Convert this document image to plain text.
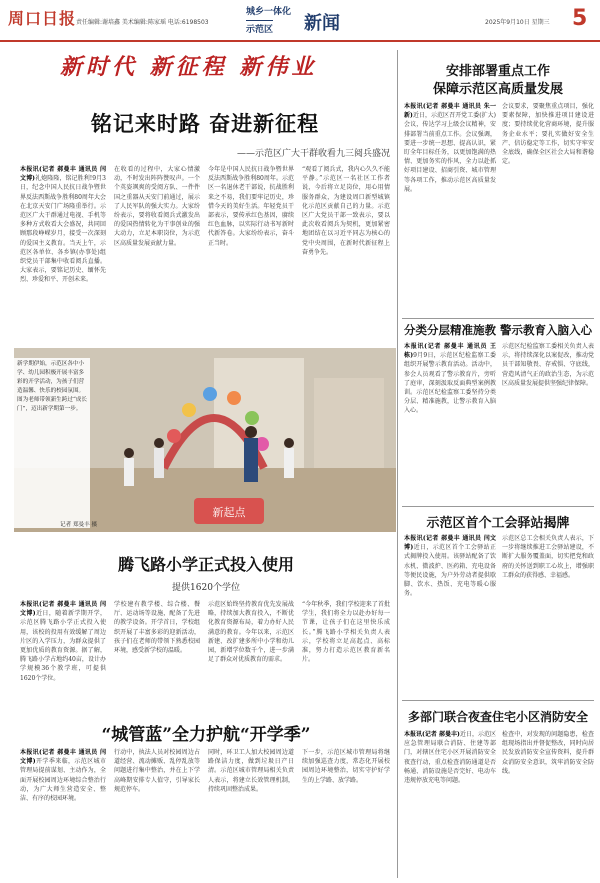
周口日报 责任编辑:谢培鑫 美术编辑:陈家瑶 电话:6198503
城乡一体化
示范区 新闻	2025年9月10日 星期三 5
新时代 新征程 新伟业
铭记来时路 奋进新征程
——示范区广大干群收看九三阅兵盛况
本报讯(记者 郝曼丰 通讯员 闫文博)礼炮隆隆，铭记胜利!9月3日，纪念中国人民抗日战争暨世界反法西斯战争胜利80周年大会在北京天安门广场隆重举行。示范区广大干群通过电视、手机等多种方式收看大会盛况，共同回顾那段峥嵘岁月，接受一次深刻的爱国主义教育。当天上午，示范区各单位、各乡镇(办事处)组织党员干部集中收看阅兵直播。大家表示，要铭记历史、缅怀先烈、珍爱和平、开创未来。
在收看的过程中，大家心情激动，不时发出阵阵赞叹声。一个个英姿飒爽的受阅方队、一件件国之重器从天安门前通过，展示了人民军队的强大实力。大家纷纷表示，要将收看阅兵式激发出的爱国热情转化为干事创业的强大动力，立足本职岗位，为示范区高质量发展贡献力量。
今年是中国人民抗日战争暨世界反法西斯战争胜利80周年。示范区一名退休老干部说，抗战胜利来之不易，我们要牢记历史，珍惜今天的美好生活。年轻党员干部表示，要传承红色基因，赓续红色血脉，以实际行动书写新时代新答卷。大家纷纷表示，奋斗正当时。
“观看了阅兵式，我内心久久不能平静。”示范区一名社区工作者说，今后将立足岗位，用心用情服务群众，为建设周口新型城镇化示范区贡献自己的力量。示范区广大党员干部一致表示，要以此次收看阅兵为契机，更加紧密地团结在以习近平同志为核心的党中央周围，在新时代新征程上奋勇争先。
新起点
新学期伊始，示范区各中小学、幼儿园积极开展丰富多彩的开学活动，为孩子们营造温馨、快乐的校园氛围。图为老师带领新生跨过“成长门”，迈出新学期第一步。
记者 郑曼丰 摄
腾飞路小学正式投入使用
提供1620个学位
本报讯(记者 郝曼丰 通讯员 闫文博)近日，随着新学期开学，示范区腾飞路小学正式投入使用，该校的投用有效缓解了周边片区的入学压力，为群众提供了更加优质的教育资源。据了解，腾飞路小学占地约40亩，设计办学规模36个教学班，可提供1620个学位。
学校建有教学楼、综合楼、餐厅、运动场等设施，配备了先进的教学设备。开学首日，学校组织开展了丰富多彩的迎新活动，孩子们在老师的带领下熟悉校园环境，感受新学校的温暖。
示范区始终坚持教育优先发展战略，持续加大教育投入，不断优化教育资源布局，着力办好人民满意的教育。今年以来，示范区新建、改扩建多所中小学和幼儿园，新增学位数千个，进一步满足了群众对优质教育的需求。
“今年秋季，我们学校迎来了首批学生，我们将全力以赴办好每一节课，让孩子们在这里快乐成长。”腾飞路小学相关负责人表示，学校将立足高起点、高标准，努力打造示范区教育新名片。
“城管蓝”全力护航“开学季”
本报讯(记者 郝曼丰 通讯员 闫文博)开学季来临，示范区城市管理局提前谋划、主动作为，全面开展校园周边环境综合整治行动，为广大师生营造安全、整洁、有序的校园环境。
行动中，执法人员对校园周边占道经营、流动摊贩、乱停乱放等问题进行集中整治，并在上下学高峰期安排专人值守，引导家长规范停车。
同时，环卫工人加大校园周边道路保洁力度，做到垃圾日产日清。示范区城市管理局相关负责人表示，将建立长效管理机制，持续巩固整治成果。
下一步，示范区城市管理局将继续加强巡查力度，常态化开展校园周边环境整治，切实守护好学生的上学路、放学路。
安排部署重点工作
保障示范区高质量发展
本报讯(记者 郝曼丰 通讯员 朱一新)近日，示范区召开党工委(扩大)会议，传达学习上级会议精神，安排部署当前重点工作。会议强调，要进一步统一思想、提高认识，紧盯全年目标任务，以更加饱满的热情、更加务实的作风，全力以赴抓好项目建设、招商引资、城市管理等各项工作，推动示范区高质量发展。
会议要求，要聚焦重点项目，强化要素保障，加快推进项目建设进度；要持续优化营商环境，提升服务企业水平；要扎实做好安全生产、信访稳定等工作，切实守牢安全底线，确保全区社会大局和谐稳定。
分类分层精准施教 警示教育入脑入心
本报讯(记者 郝曼丰 通讯员 王栋)9月9日，示范区纪检监察工委组织开展警示教育活动。活动中，参会人员观看了警示教育片，旁听了庭审，深刻汲取反面典型案例教训。示范区纪检监察工委坚持分类分层、精准施教，让警示教育入脑入心。
示范区纪检监察工委相关负责人表示，将持续深化以案促改，推动党员干部知敬畏、存戒惧、守底线，营造风清气正的政治生态，为示范区高质量发展提供坚强纪律保障。
示范区首个工会驿站揭牌
本报讯(记者 郝曼丰 通讯员 闫文博)近日，示范区首个工会驿站正式揭牌投入使用。该驿站配备了饮水机、微波炉、医药箱、充电设备等便民设施，为户外劳动者提供歇脚、饮水、热饭、充电等暖心服务。
示范区总工会相关负责人表示，下一步将继续推进工会驿站建设，不断扩大服务覆盖面，切实把党和政府的关怀送到职工心坎上，增强职工群众的获得感、幸福感。
多部门联合夜查住宅小区消防安全
本报讯(记者 郝曼丰)近日，示范区应急管理局联合消防、住建等部门，对辖区住宅小区开展消防安全夜查行动，重点检查消防通道是否畅通、消防设施是否完好、电动车违规停放充电等问题。
检查中，对发现的问题隐患，检查组现场指出并督促整改，同时向居民发放消防安全宣传资料，提升群众消防安全意识，筑牢消防安全防线。
